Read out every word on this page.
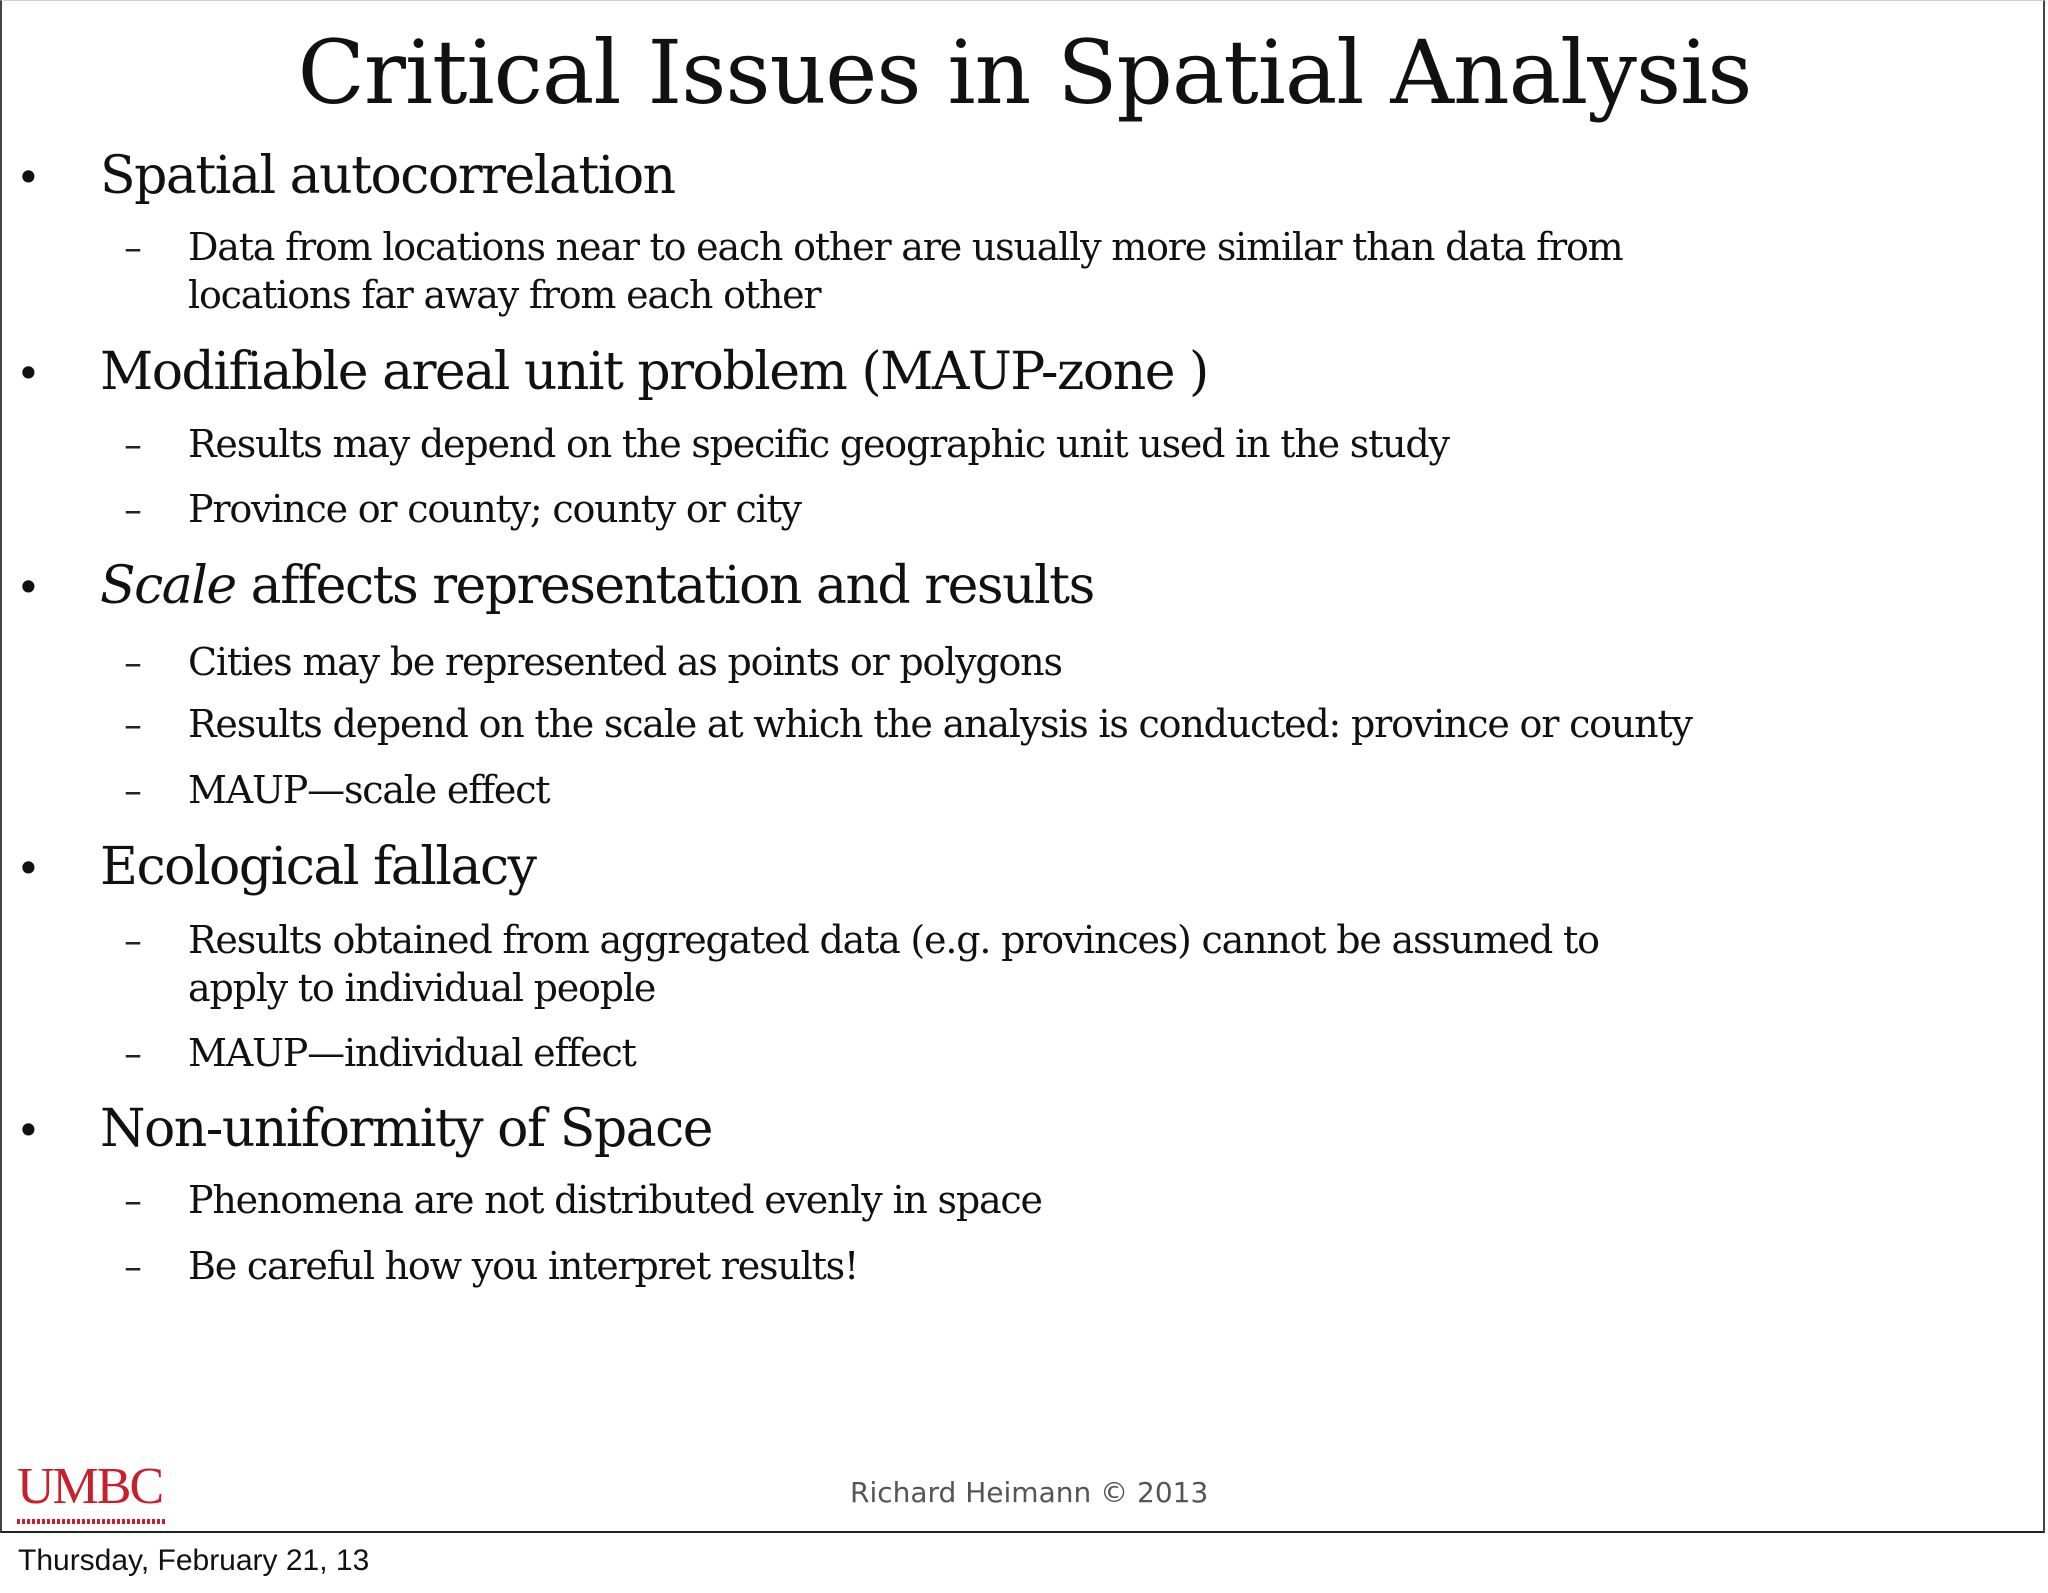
Critical Issues in Spatial Analysis
• Spatial autocorrelation
– Data from locations near to each other are usually more similar than data from
locations far away from each other
• Modifiable areal unit problem (MAUP-zone )
– Results may depend on the specific geographic unit used in the study
– Province or county; county or city
• Scale affects representation and results
– Cities may be represented as points or polygons
– Results depend on the scale at which the analysis is conducted: province or county
– MAUP—scale effect
• Ecological fallacy
– Results obtained from aggregated data (e.g. provinces) cannot be assumed to
apply to individual people
– MAUP—individual effect
• Non-uniformity of Space
– Phenomena are not distributed evenly in space
– Be careful how you interpret results!
UMBC	Richard Heimann © 2013
Thursday, February 21, 13
